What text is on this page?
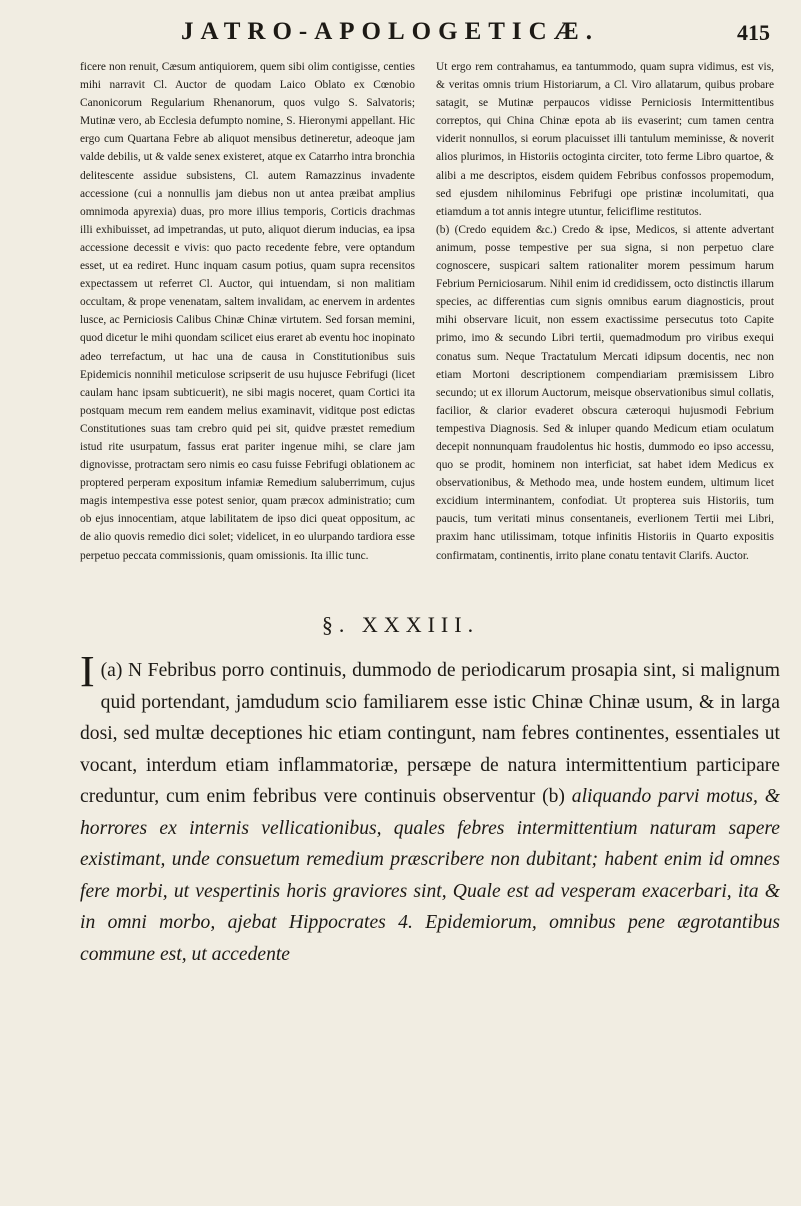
JATRO-APOLOGETICÆ.	415

ficere non renuit, Cæsum antiquiorem, quem sibi olim contigisse, centies mihi narravit Cl. Auctor de quodam Laico Oblato ex Cœnobio Canonicorum Regularium Rhenanorum, quos vulgo S. Salvatoris; Mutinæ vero, ab Ecclesia defumpto nomine, S. Hieronymi appellant. Hic ergo cum Quartana Febre ab aliquot mensibus detineretur, adeoque jam valde debilis, ut & valde senex existeret, atque ex Catarrho intra bronchia delitescente assidue subsistens, Cl. autem Ramazzinus invadente accessione (cui a nonnullis jam diebus non ut antea præibat amplius omnimoda apyrexia) duas, pro more illius temporis, Corticis drachmas illi exhibuisset, ad impetrandas, ut puto, aliquot dierum inducias, ea ipsa accessione decessit e vivis: quo pacto recedente febre, vere optandum esset, ut ea rediret. Hunc inquam casum potius, quam supra recensitos expectassem ut referret Cl. Auctor, qui intuendam, si non malitiam occultam, & prope venenatam, saltem invalidam, ac enervem in ardentes lusce, ac Perniciosis Calibus Chinæ Chinæ virtutem. Sed forsan memini, quod dicetur le mihi quondam scilicet eius eraret ab eventu hoc inopinato adeo terrefactum, ut hac una de causa in Constitutionibus suis Epidemicis nonnihil meticulose scripserit de usu hujusce Febrifugi (licet caulam hanc ipsam subticuerit), ne sibi magis noceret, quam Cortici ita postquam mecum rem eandem melius examinavit, viditque post edictas Constitutiones suas tam crebro quid pei sit, quidve præstet remedium istud rite usurpatum, fassus erat pariter ingenue mihi, se clare jam dignovisse, protractam sero nimis eo casu fuisse Febrifugi oblationem ac proptered perperam expositum infamiæ Remedium saluberrimum, cujus magis intempestiva esse potest senior, quam præcox administratio; cum ob ejus innocentiam, atque labilitatem de ipso dici queat oppositum, ac de alio quovis remedio dici solet; videlicet, in eo ulurpando tardiora esse perpetuo peccata commissionis, quam omissionis. Ita illic tunc.

Ut ergo rem contrahamus, ea tantummodo, quam supra vidimus, est vis, & veritas omnis trium Historiarum, a Cl. Viro allatarum, quibus probare satagit, se Mutinæ perpaucos vidisse Perniciosis Intermittentibus correptos, qui China Chinæ epota ab iis evaserint; cum tamen centra viderit nonnullos, si eorum placuisset illi tantulum meminisse, & noverit alios plurimos, in Historiis octoginta circiter, toto ferme Libro quartoe, & alibi a me descriptos, eisdem quidem Febribus confossos propemodum, sed ejusdem nihilominus Febrifugi ope pristinæ incolumitati, qua etiamdum a tot annis integre utuntur, feliciflime restitutos.

(b) (Credo equidem &c.) Credo & ipse, Medicos, si attente advertant animum, posse tempestive per sua signa, si non perpetuo clare cognoscere, suspicari saltem rationaliter morem pessimum harum Febrium Perniciosarum. Nihil enim id credidissem, octo distinctis illarum species, ac differentias cum signis omnibus earum diagnosticis, prout mihi observare licuit, non essem exactissime persecutus toto Capite primo, imo & secundo Libri tertii, quemadmodum pro viribus exequi conatus sum. Neque Tractatulum Mercati idipsum docentis, nec non etiam Mortoni descriptionem compendiariam præmisissem Libro secundo; ut ex illorum Auctorum, meisque observationibus simul collatis, facilior, & clarior evaderet obscura cæteroqui hujusmodi Febrium tempestiva Diagnosis. Sed & inluper quando Medicum etiam oculatum decepit nonnunquam fraudolentus hic hostis, dummodo eo ipso accessu, quo se prodit, hominem non interficiat, sat habet idem Medicus ex observationibus, & Methodo mea, unde hostem eundem, ultimum licet excidium interminantem, confodiat. Ut propterea suis Historiis, tum paucis, tum veritati minus consentaneis, everlionem Tertii mei Libri, praxim hanc utilissimam, totque infinitis Historiis in Quarto expositis confirmatam, continentis, irrito plane conatu tentavit Clarifs. Auctor.

§. XXXIII.

(a)
I N Febribus porro continuis, dummodo de periodicarum prosapia sint, si malignum quid portendant, jamdudum scio familiarem esse istic Chinæ Chinæ usum, & in larga dosi, sed multæ deceptiones hic etiam contingunt, nam febres continentes, essentiales ut vocant, interdum etiam inflammatoriæ, persæpe de natura intermittentium participare creduntur, cum enim febribus vere continuis observentur (b) aliquando parvi motus, & horrores ex internis vellicationibus, quales febres intermittentium naturam sapere existimant, unde consuetum remedium præscribere non dubitant; habent enim id omnes fere morbi, ut vespertinis horis graviores sint, Quale est ad vesperam exacerbari, ita & in omni morbo, ajebat Hippocrates 4. Epidemiorum, omnibus pene ægrotantibus commune est, ut accedente
